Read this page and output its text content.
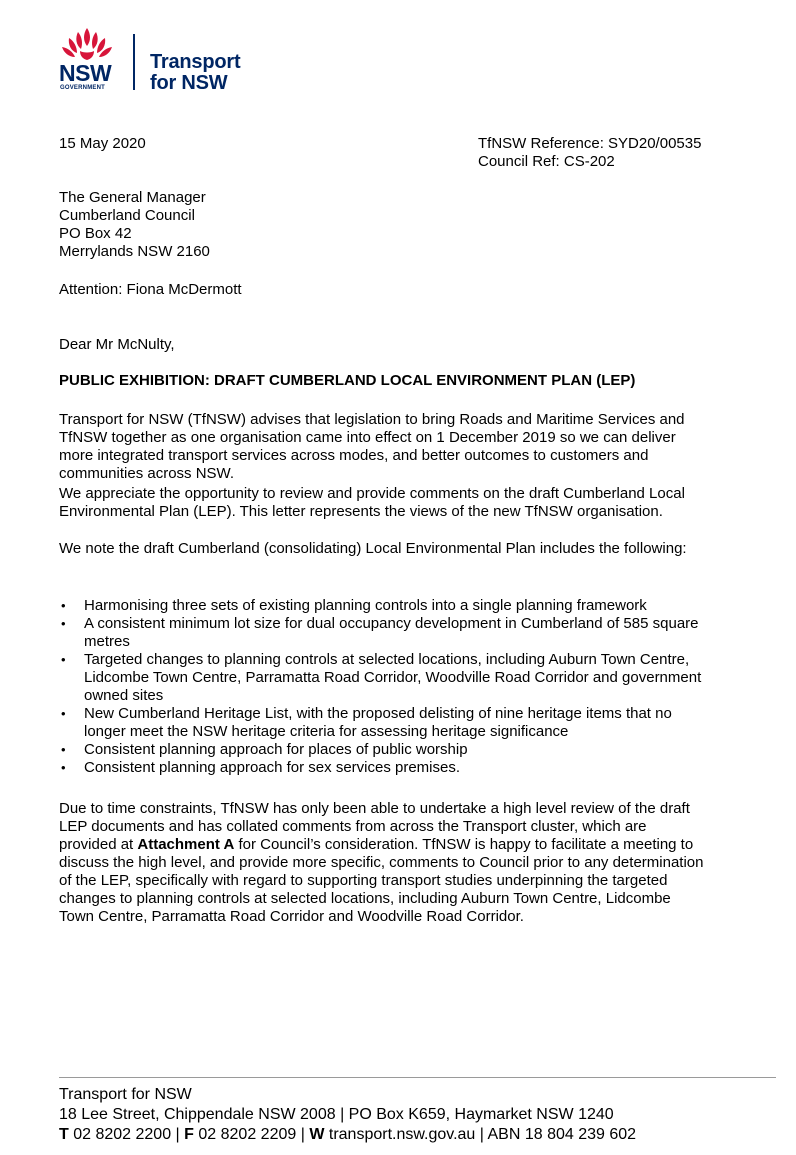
NSW
GOVERNMENT
Transport
for NSW
15 May 2020	TfNSW Reference: SYD20/00535
Council Ref: CS-202
The General Manager
Cumberland Council
PO Box 42
Merrylands NSW 2160
Attention: Fiona McDermott
Dear Mr McNulty,
PUBLIC EXHIBITION: DRAFT CUMBERLAND LOCAL ENVIRONMENT PLAN (LEP)
Transport for NSW (TfNSW) advises that legislation to bring Roads and Maritime Services and
TfNSW together as one organisation came into effect on 1 December 2019 so we can deliver
more integrated transport services across modes, and better outcomes to customers and
communities across NSW.
We appreciate the opportunity to review and provide comments on the draft Cumberland Local
Environmental Plan (LEP). This letter represents the views of the new TfNSW organisation.
We note the draft Cumberland (consolidating) Local Environmental Plan includes the following:
• Harmonising three sets of existing planning controls into a single planning framework
• A consistent minimum lot size for dual occupancy development in Cumberland of 585 square
metres
• Targeted changes to planning controls at selected locations, including Auburn Town Centre,
Lidcombe Town Centre, Parramatta Road Corridor, Woodville Road Corridor and government
owned sites
• New Cumberland Heritage List, with the proposed delisting of nine heritage items that no
longer meet the NSW heritage criteria for assessing heritage significance
• Consistent planning approach for places of public worship
• Consistent planning approach for sex services premises.
Due to time constraints, TfNSW has only been able to undertake a high level review of the draft
LEP documents and has collated comments from across the Transport cluster, which are
provided at Attachment A for Council’s consideration. TfNSW is happy to facilitate a meeting to
discuss the high level, and provide more specific, comments to Council prior to any determination
of the LEP, specifically with regard to supporting transport studies underpinning the targeted
changes to planning controls at selected locations, including Auburn Town Centre, Lidcombe
Town Centre, Parramatta Road Corridor and Woodville Road Corridor.
Transport for NSW
18 Lee Street, Chippendale NSW 2008 | PO Box K659, Haymarket NSW 1240
T 02 8202 2200 | F 02 8202 2209 | W transport.nsw.gov.au | ABN 18 804 239 602
